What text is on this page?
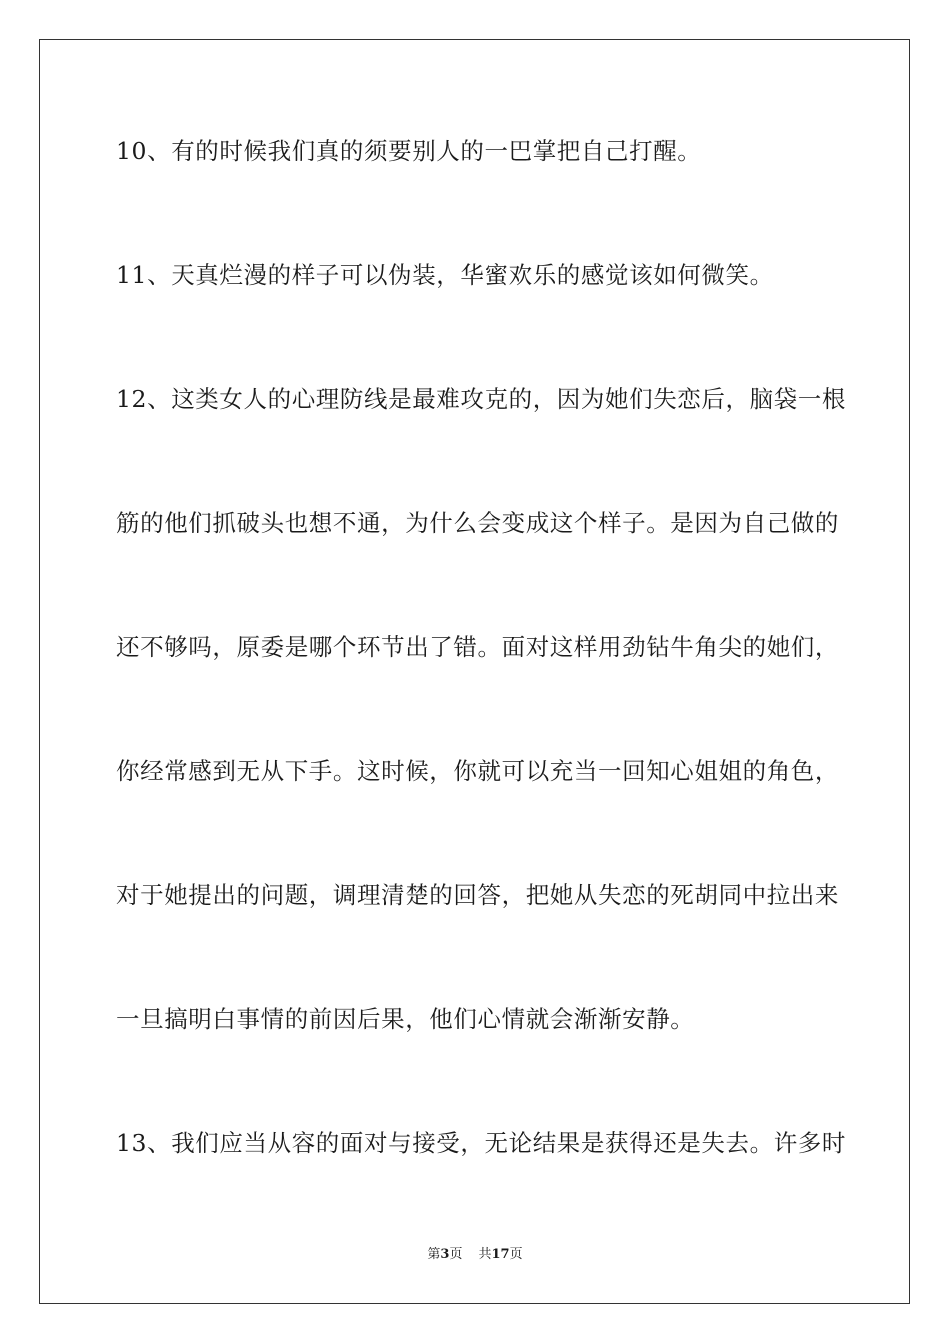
10、有的时候我们真的须要别人的一巴掌把自己打醒。

11、天真烂漫的样子可以伪装，华蜜欢乐的感觉该如何微笑。

12、这类女人的心理防线是最难攻克的，因为她们失恋后，脑袋一根

筋的他们抓破头也想不通，为什么会变成这个样子。是因为自己做的

还不够吗，原委是哪个环节出了错。面对这样用劲钻牛角尖的她们，

你经常感到无从下手。这时候，你就可以充当一回知心姐姐的角色，

对于她提出的问题，调理清楚的回答，把她从失恋的死胡同中拉出来

一旦搞明白事情的前因后果，他们心情就会渐渐安静。

13、我们应当从容的面对与接受，无论结果是获得还是失去。许多时

第3页 共17页
